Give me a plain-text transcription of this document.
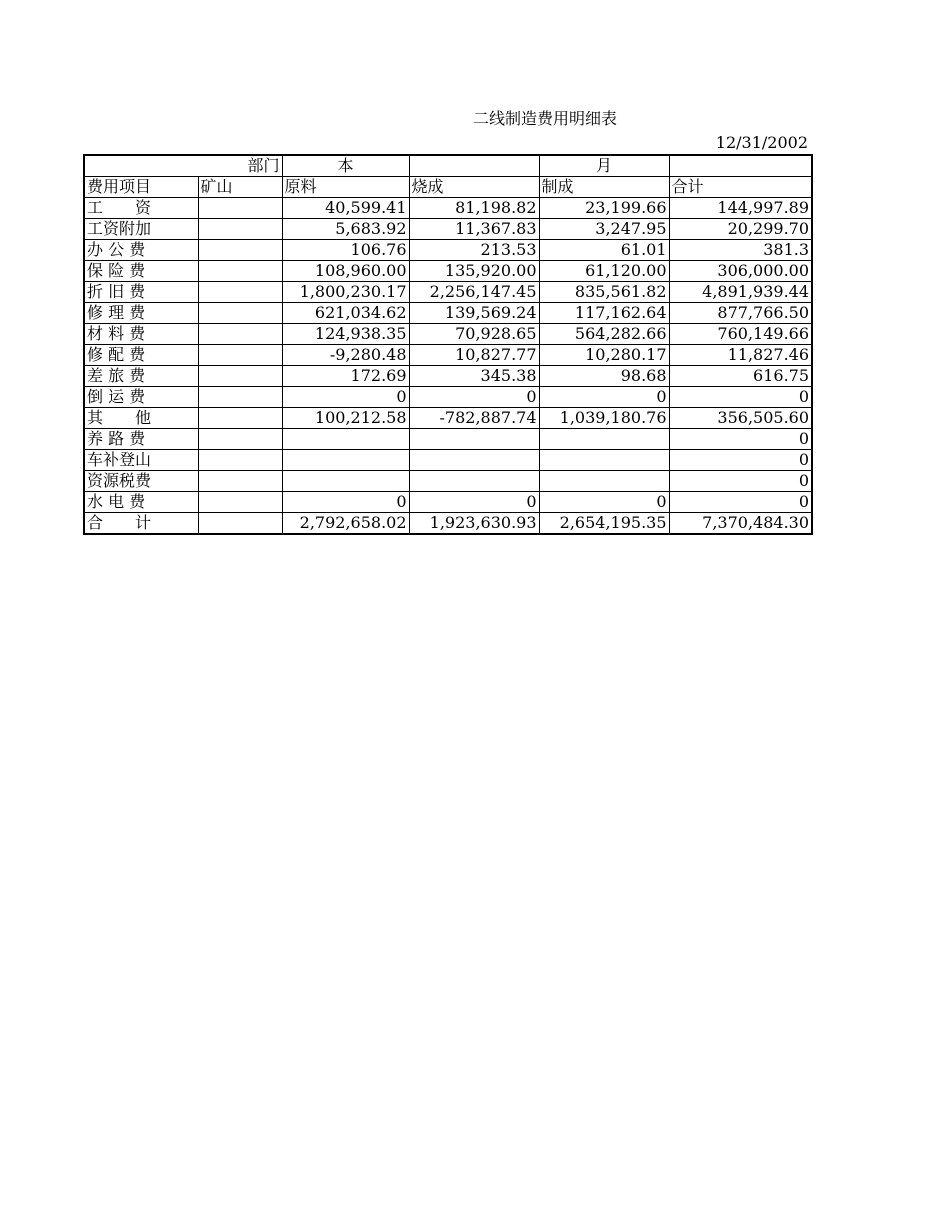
二线制造费用明细表
12/31/2002
部门		本		月	
费用项目	矿山	原料	烧成	制成	合计
工　　资		40,599.41	81,198.82	23,199.66	144,997.89
工资附加		5,683.92	11,367.83	3,247.95	20,299.70
办 公 费		106.76	213.53	61.01	381.3
保 险 费		108,960.00	135,920.00	61,120.00	306,000.00
折 旧 费		1,800,230.17	2,256,147.45	835,561.82	4,891,939.44
修 理 费		621,034.62	139,569.24	117,162.64	877,766.50
材 料 费		124,938.35	70,928.65	564,282.66	760,149.66
修 配 费		-9,280.48	10,827.77	10,280.17	11,827.46
差 旅 费		172.69	345.38	98.68	616.75
倒 运 费		0	0	0	0
其　　他		100,212.58	-782,887.74	1,039,180.76	356,505.60
养 路 费					0
车补登山					0
资源税费					0
水 电 费		0	0	0	0
合　　计		2,792,658.02	1,923,630.93	2,654,195.35	7,370,484.30
